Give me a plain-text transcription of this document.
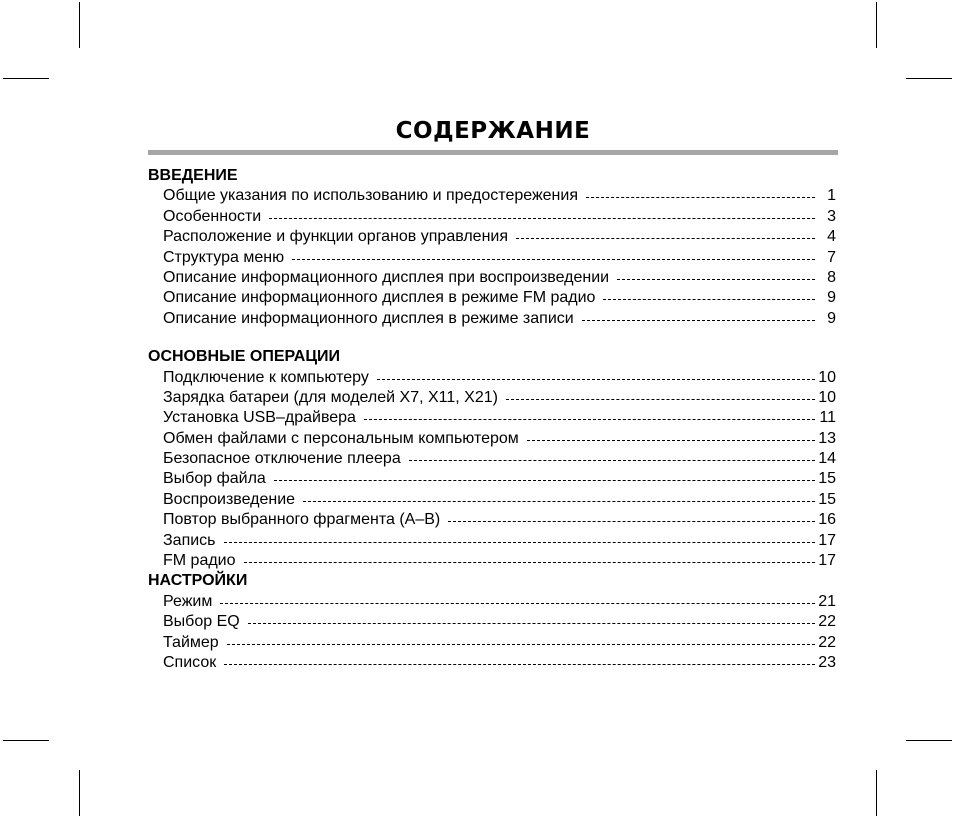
СОДЕРЖАНИЕ
ВВЕДЕНИЕ
Общие указания по использованию и предостережения	1
Особенности	3
Расположение и функции органов управления	4
Структура меню	7
Описание информационного дисплея при воспроизведении	8
Описание информационного дисплея в режиме FM радио	9
Описание информационного дисплея в режиме записи	9
ОСНОВНЫЕ ОПЕРАЦИИ
Подключение к компьютеру	10
Зарядка батареи (для моделей X7, X11, X21)	10
Установка USB–драйвера	11
Обмен файлами с персональным компьютером	13
Безопасное отключение плеера	14
Выбор файла	15
Воспроизведение	15
Повтор выбранного фрагмента (A–B)	16
Запись	17
FM радио	17
НАСТРОЙКИ
Режим	21
Выбор EQ	22
Таймер	22
Список	23
